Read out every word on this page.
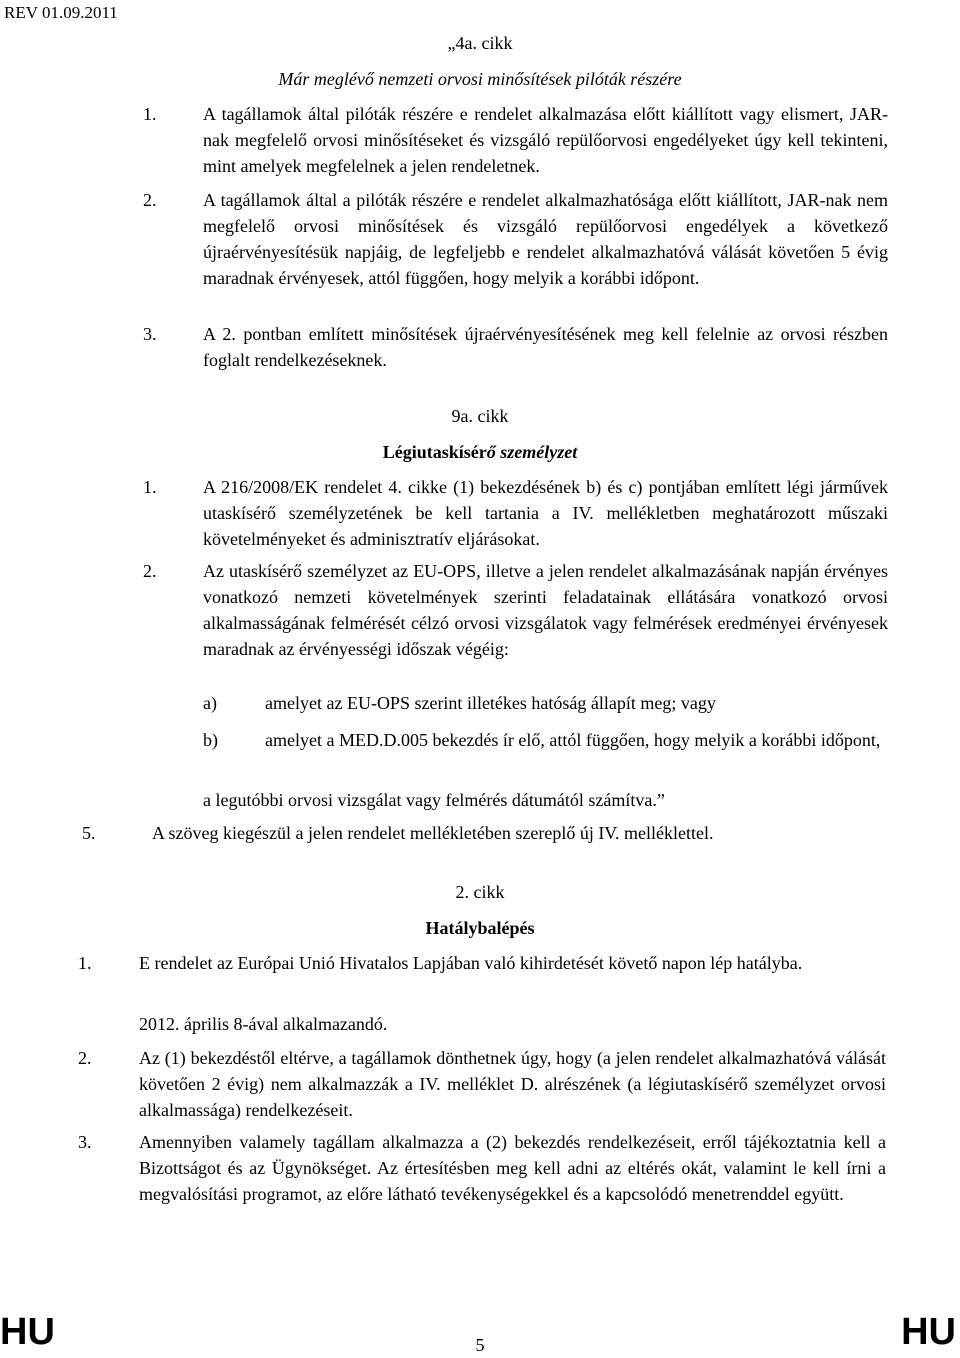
REV 01.09.2011
„4a. cikk
Már meglévő nemzeti orvosi minősítések pilóták részére
1.	A tagállamok által pilóták részére e rendelet alkalmazása előtt kiállított vagy elismert, JAR-nak megfelelő orvosi minősítéseket és vizsgáló repülőorvosi engedélyeket úgy kell tekinteni, mint amelyek megfelelnek a jelen rendeletnek.
2.	A tagállamok által a pilóták részére e rendelet alkalmazhatósága előtt kiállított, JAR-nak nem megfelelő orvosi minősítések és vizsgáló repülőorvosi engedélyek a következő újraérvényesítésük napjáig, de legfeljebb e rendelet alkalmazhatóvá válását követően 5 évig maradnak érvényesek, attól függően, hogy melyik a korábbi időpont.
3.	A 2. pontban említett minősítések újraérvényesítésének meg kell felelnie az orvosi részben foglalt rendelkezéseknek.
9a. cikk
Légiutaskísérő személyzet
1.	A 216/2008/EK rendelet 4. cikke (1) bekezdésének b) és c) pontjában említett légi járművek utaskísérő személyzetének be kell tartania a IV. mellékletben meghatározott műszaki követelményeket és adminisztratív eljárásokat.
2.	Az utaskísérő személyzet az EU-OPS, illetve a jelen rendelet alkalmazásának napján érvényes vonatkozó nemzeti követelmények szerinti feladatainak ellátására vonatkozó orvosi alkalmasságának felmérését célzó orvosi vizsgálatok vagy felmérések eredményei érvényesek maradnak az érvényességi időszak végéig:
a)	amelyet az EU-OPS szerint illetékes hatóság állapít meg; vagy
b)	amelyet a MED.D.005 bekezdés ír elő, attól függően, hogy melyik a korábbi időpont,
a legutóbbi orvosi vizsgálat vagy felmérés dátumától számítva.”
5.	A szöveg kiegészül a jelen rendelet mellékletében szereplő új IV. melléklettel.
2. cikk
Hatálybalépés
1.	E rendelet az Európai Unió Hivatalos Lapjában való kihirdetését követő napon lép hatályba.
2012. április 8-ával alkalmazandó.
2.	Az (1) bekezdéstől eltérve, a tagállamok dönthetnek úgy, hogy (a jelen rendelet alkalmazhatóvá válását követően 2 évig) nem alkalmazzák a IV. melléklet D. alrészének (a légiutaskísérő személyzet orvosi alkalmassága) rendelkezéseit.
3.	Amennyiben valamely tagállam alkalmazza a (2) bekezdés rendelkezéseit, erről tájékoztatnia kell a Bizottságot és az Ügynökséget. Az értesítésben meg kell adni az eltérés okát, valamint le kell írni a megvalósítási programot, az előre látható tevékenységekkel és a kapcsolódó menetrenddel együtt.
HU	5	HU
